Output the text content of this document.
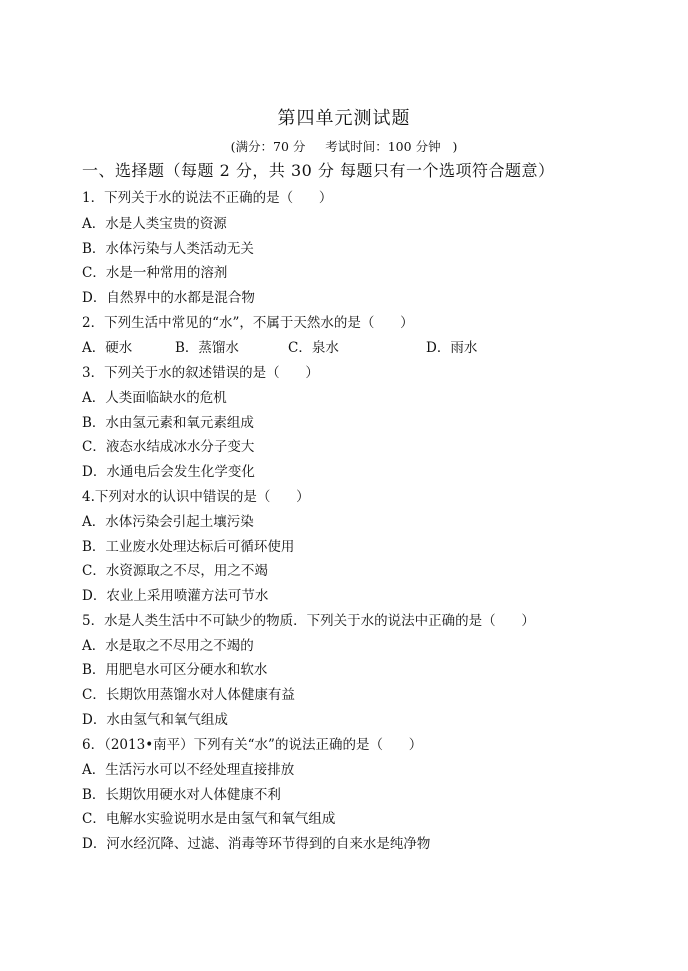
第四单元测试题
(满分：70 分     考试时间：100 分钟   )
一、选择题（每题 2 分，共 30 分 每题只有一个选项符合题意）
1．下列关于水的说法不正确的是（      ）
A．水是人类宝贵的资源
B．水体污染与人类活动无关
C．水是一种常用的溶剂
D．自然界中的水都是混合物
2．下列生活中常见的“水”，不属于天然水的是（      ）
A．硬水	B．蒸馏水	C．泉水	D．雨水
3．下列关于水的叙述错误的是（      ）
A．人类面临缺水的危机
B．水由氢元素和氧元素组成
C．液态水结成冰水分子变大
D．水通电后会发生化学变化
4.下列对水的认识中错误的是（      ）
A．水体污染会引起土壤污染
B．工业废水处理达标后可循环使用
C．水资源取之不尽，用之不竭
D．农业上采用喷灌方法可节水
5．水是人类生活中不可缺少的物质．下列关于水的说法中正确的是（      ）
A．水是取之不尽用之不竭的
B．用肥皂水可区分硬水和软水
C．长期饮用蒸馏水对人体健康有益
D．水由氢气和氧气组成
6．（2013•南平）下列有关“水”的说法正确的是（      ）
A．生活污水可以不经处理直接排放
B．长期饮用硬水对人体健康不利
C．电解水实验说明水是由氢气和氧气组成
D．河水经沉降、过滤、消毒等环节得到的自来水是纯净物
